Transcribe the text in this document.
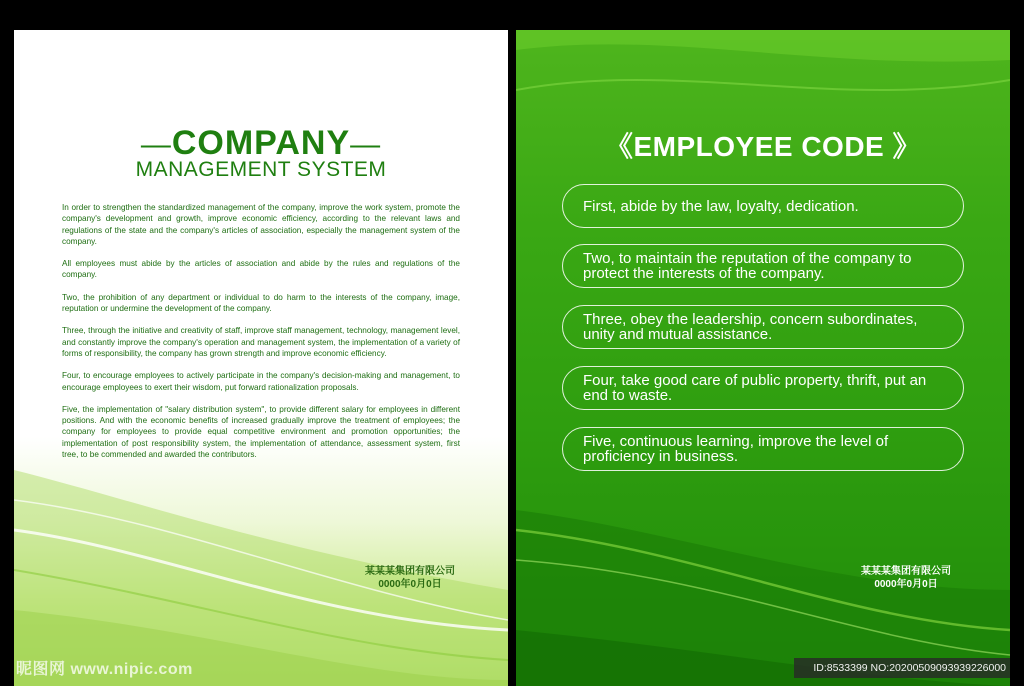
—COMPANY—
MANAGEMENT SYSTEM

In order to strengthen the standardized management of the company, improve the work system, promote the company's development and growth, improve economic efficiency, according to the relevant laws and regulations of the state and the company's articles of association, especially the management system of the company.

All employees must abide by the articles of association and abide by the rules and regulations of the company.

Two, the prohibition of any department or individual to do harm to the interests of the company, image, reputation or undermine the development of the company.

Three, through the initiative and creativity of staff, improve staff management, technology, management level, and constantly improve the company's operation and management system, the implementation of a variety of forms of responsibility, the company has grown strength and improve economic efficiency.

Four, to encourage employees to actively participate in the company's decision-making and management, to encourage employees to exert their wisdom, put forward rationalization proposals.

Five, the implementation of "salary distribution system", to provide different salary for employees in different positions. And with the economic benefits of increased gradually improve the treatment of employees; the company for employees to provide equal competitive environment and promotion opportunities; the implementation of post responsibility system, the implementation of attendance, assessment system, first tree, to be commended and awarded the contributors.

某某某集团有限公司
0000年0月0日
《EMPLOYEE CODE 》
First, abide by the law, loyalty, dedication.
Two, to maintain the reputation of the company to protect the interests of the company.
Three, obey the leadership, concern subordinates, unity and mutual assistance.
Four, take good care of public property, thrift, put an end to waste.
Five, continuous learning, improve the level of proficiency in business.
某某某集团有限公司
0000年0月0日
昵图网 www.nipic.com	ID:8533399 NO:20200509093939226000
